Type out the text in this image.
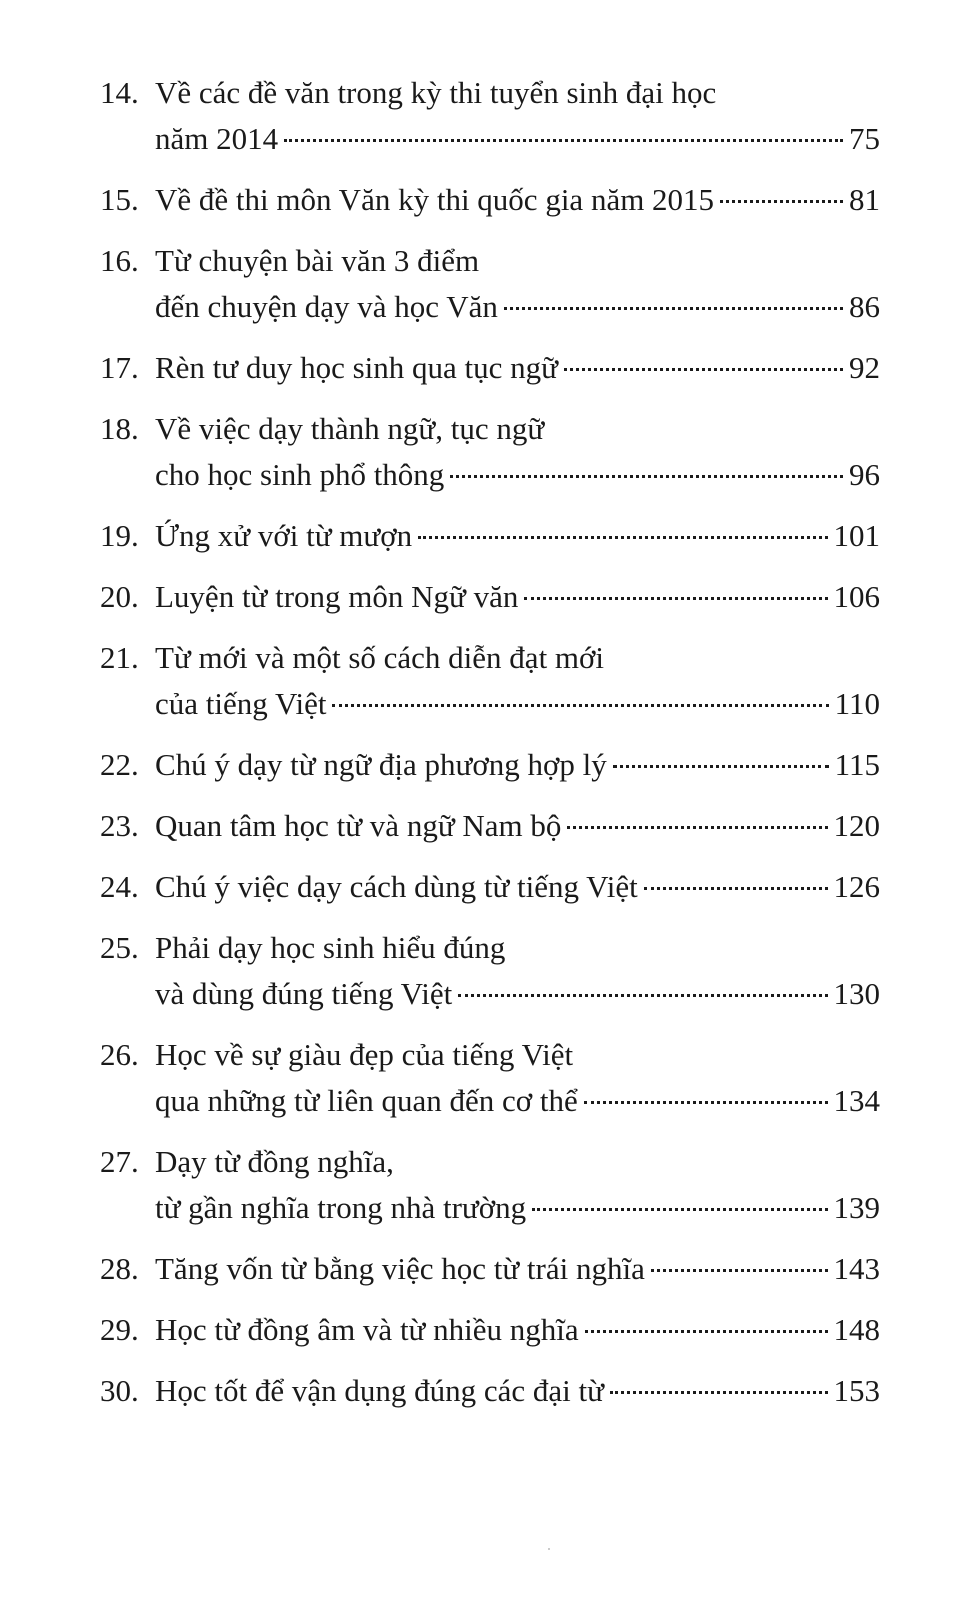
14. Về các đề văn trong kỳ thi tuyển sinh đại học
năm 2014	75
15. Về đề thi môn Văn kỳ thi quốc gia năm 2015	81
16. Từ chuyện bài văn 3 điểm
đến chuyện dạy và học Văn	86
17. Rèn tư duy học sinh qua tục ngữ	92
18. Về việc dạy thành ngữ, tục ngữ
cho học sinh phổ thông	96
19. Ứng xử với từ mượn	101
20. Luyện từ trong môn Ngữ văn	106
21. Từ mới và một số cách diễn đạt mới
của tiếng Việt	110
22. Chú ý dạy từ ngữ địa phương hợp lý	115
23. Quan tâm học từ và ngữ Nam bộ	120
24. Chú ý việc dạy cách dùng từ tiếng Việt	126
25. Phải dạy học sinh hiểu đúng
và dùng đúng tiếng Việt	130
26. Học về sự giàu đẹp của tiếng Việt
qua những từ liên quan đến cơ thể	134
27. Dạy từ đồng nghĩa,
từ gần nghĩa trong nhà trường	139
28. Tăng vốn từ bằng việc học từ trái nghĩa	143
29. Học từ đồng âm và từ nhiều nghĩa	148
30. Học tốt để vận dụng đúng các đại từ	153
